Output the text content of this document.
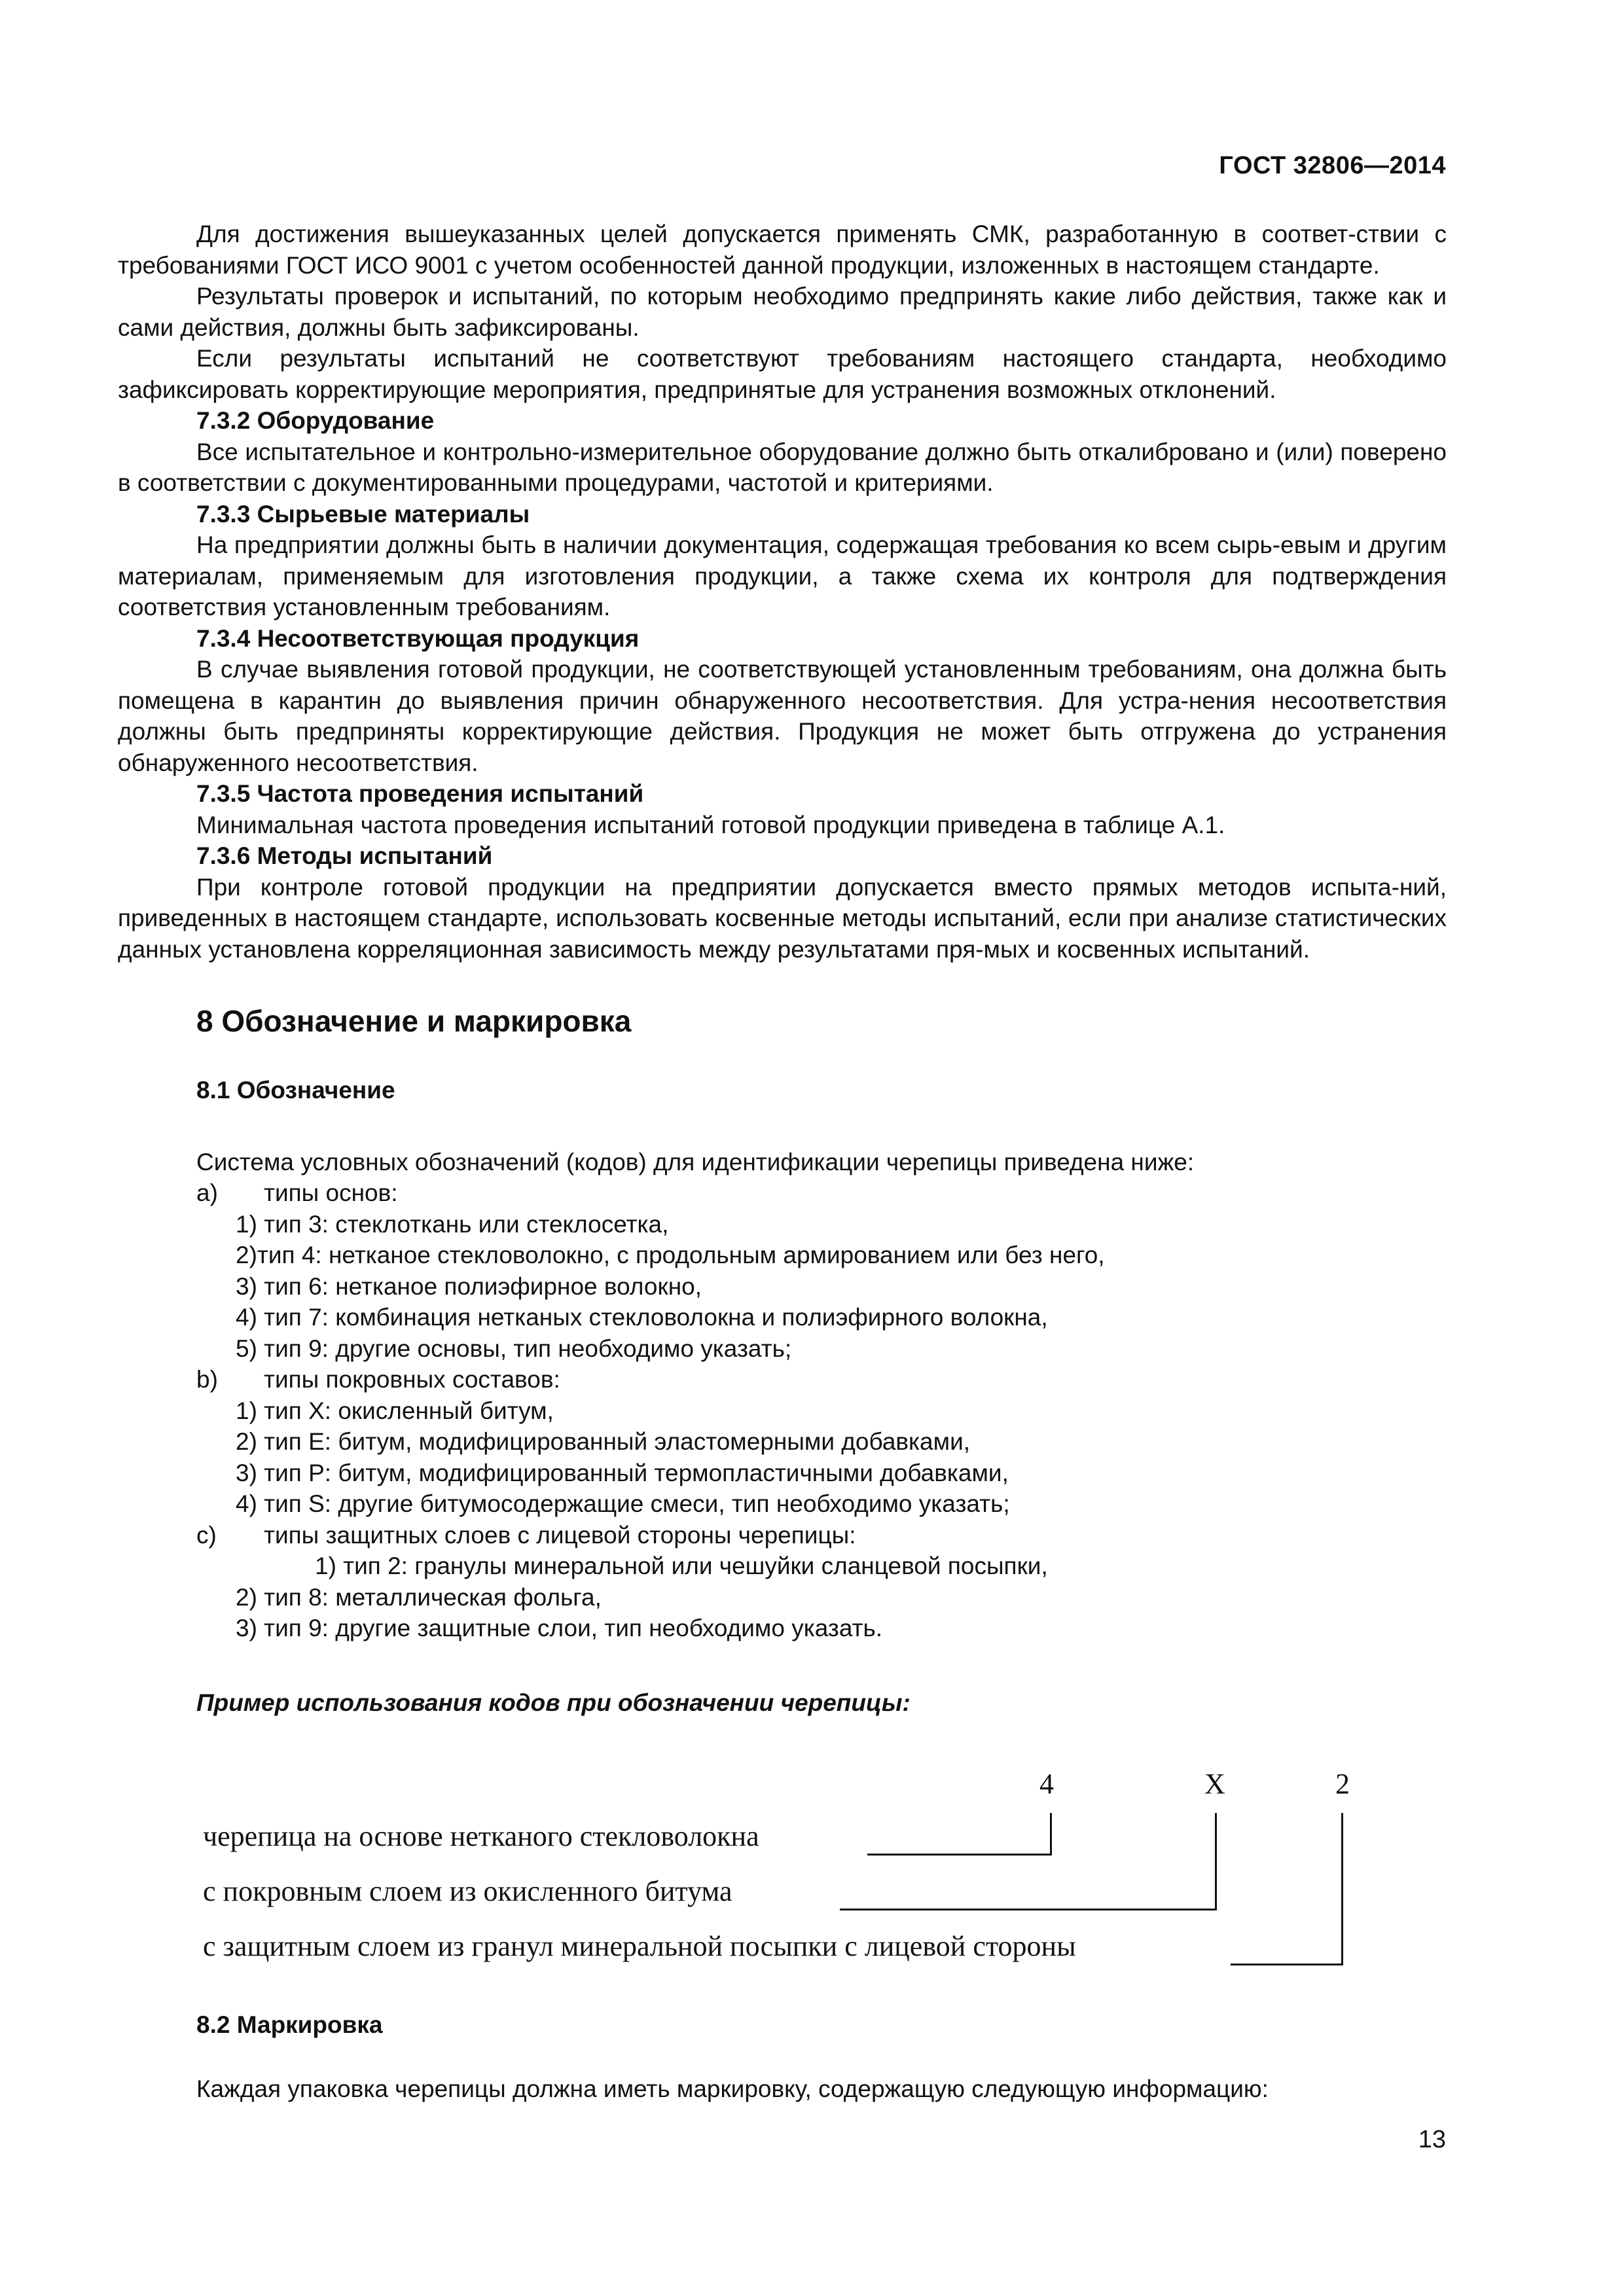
ГОСТ 32806—2014

Для достижения вышеуказанных целей допускается применять СМК, разработанную в соответ-ствии с требованиями ГОСТ ИСО 9001 с учетом особенностей данной продукции, изложенных в настоящем стандарте.

Результаты проверок и испытаний, по которым необходимо предпринять какие либо действия, также как и сами действия, должны быть зафиксированы.

Если результаты испытаний не соответствуют требованиям настоящего стандарта, необходимо зафиксировать корректирующие мероприятия, предпринятые для устранения возможных отклонений.

7.3.2 Оборудование

Все испытательное и контрольно-измерительное оборудование должно быть откалибровано и (или) поверено в соответствии с документированными процедурами, частотой и критериями.

7.3.3 Сырьевые материалы

На предприятии должны быть в наличии документация, содержащая требования ко всем сырь-евым и другим материалам, применяемым для изготовления продукции, а также схема их контроля для подтверждения соответствия установленным требованиям.

7.3.4 Несоответствующая продукция

В случае выявления готовой продукции, не соответствующей установленным требованиям, она должна быть помещена в карантин до выявления причин обнаруженного несоответствия. Для устра-нения несоответствия должны быть предприняты корректирующие действия. Продукция не может быть отгружена до устранения обнаруженного несоответствия.

7.3.5 Частота проведения испытаний

Минимальная частота проведения испытаний готовой продукции приведена в таблице А.1.

7.3.6 Методы испытаний

При контроле готовой продукции на предприятии допускается вместо прямых методов испыта-ний, приведенных в настоящем стандарте, использовать косвенные методы испытаний, если при анализе статистических данных установлена корреляционная зависимость между результатами пря-мых и косвенных испытаний.

8 Обозначение и маркировка
8.1 Обозначение

Система условных обозначений (кодов) для идентификации черепицы приведена ниже:

a) типы основ:

1) тип 3: стеклоткань или стеклосетка,

2)тип 4: нетканое стекловолокно, с продольным армированием или без него,

3) тип 6: нетканое полиэфирное волокно,

4) тип 7: комбинация нетканых стекловолокна и полиэфирного волокна,

5) тип 9: другие основы, тип необходимо указать;

b) типы покровных составов:

1) тип Х: окисленный битум,

2) тип E: битум, модифицированный эластомерными добавками,

3) тип P: битум, модифицированный термопластичными добавками,

4) тип S: другие битумосодержащие смеси, тип необходимо указать;

c) типы защитных слоев с лицевой стороны черепицы:

1) тип 2: гранулы минеральной или чешуйки сланцевой посыпки,

2) тип 8: металлическая фольга,

3) тип 9: другие защитные слои, тип необходимо указать.

Пример использования кодов при обозначении черепицы:

4	X	2
черепица на основе нетканого стекловолокна
с покровным слоем из окисленного битума
с защитным слоем из гранул минеральной посыпки с лицевой стороны
8.2 Маркировка

Каждая упаковка черепицы должна иметь маркировку, содержащую следующую информацию:

13
